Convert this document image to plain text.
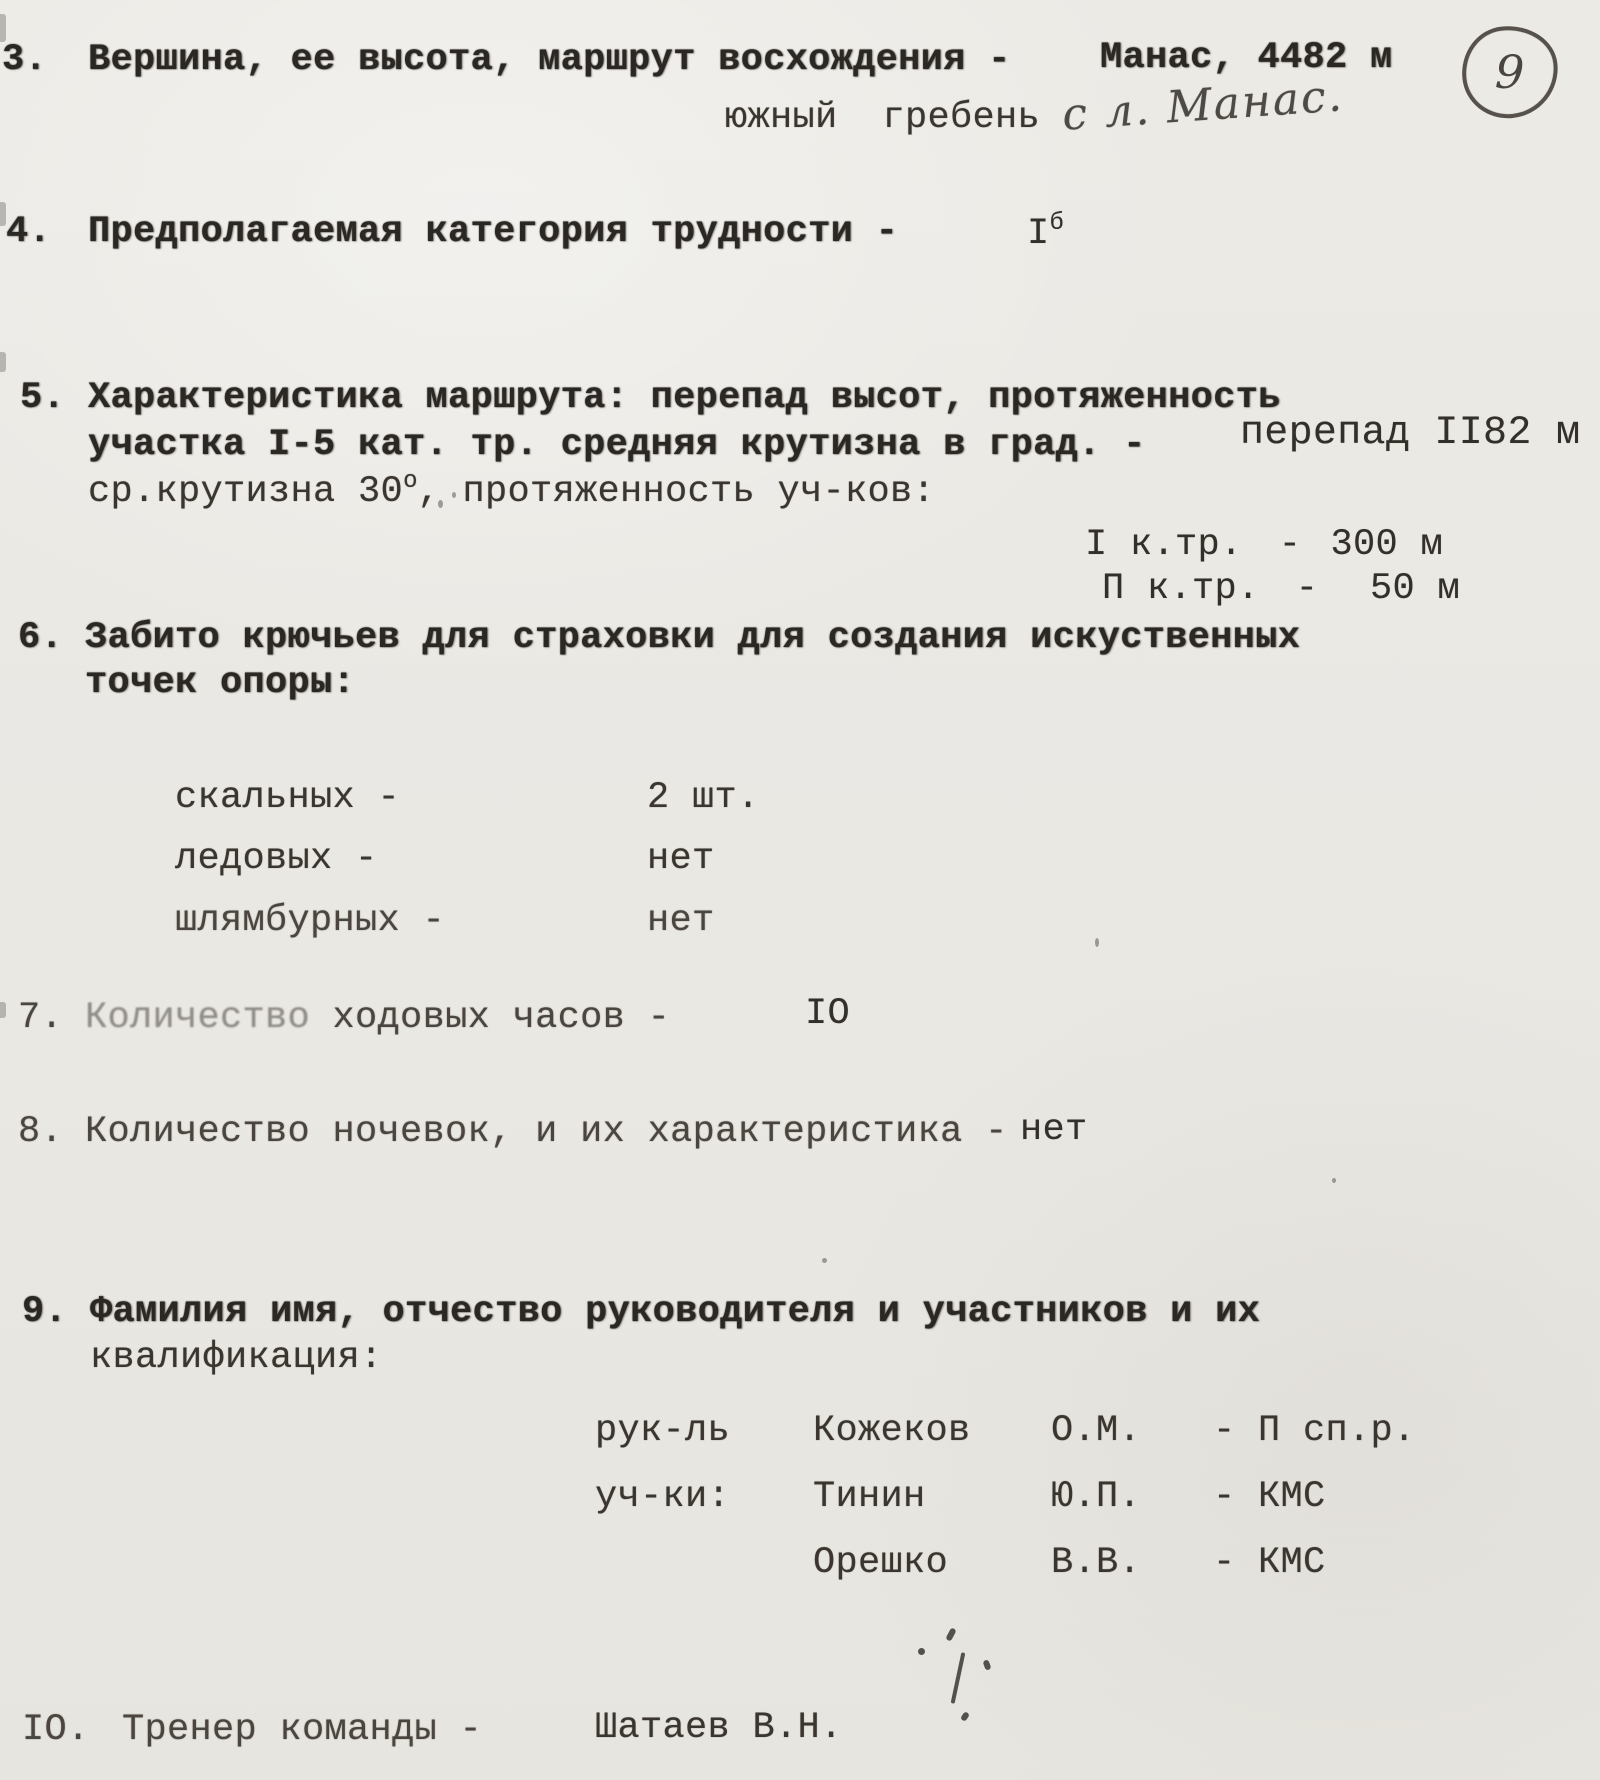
9
3. Вершина, ее высота, маршрут восхождения - Манас, 4482 м
южный  гребень с л. Манас.
4. Предполагаемая категория трудности -	$I^б$
5. Характеристика маршрута: перепад высот, протяженность
участка I-5 кат. тр. средняя крутизна в град. - перепад II82 м
ср.крутизна $30^о$, протяженность уч-ков:

I к.тр. - 300 м

П к.тр. - 50 м

6. Забито крючьев для страховки для создания искуственных
точек опоры:

скальных -	2 шт.

ледовых -	нет

шлямбурных -	нет

7. Количество ходовых часов -	IО
8. Количество ночевок, и их характеристика - нет
9. Фамилия имя, отчество руководителя и участников и их
квалификация:

рук-ль Кожеков О.М. - П сп.р.

уч-ки: Тинин	Ю.П. - КМС

Орешко	В.В. - КМС

IО. Тренер команды -	Шатаев В.Н.
